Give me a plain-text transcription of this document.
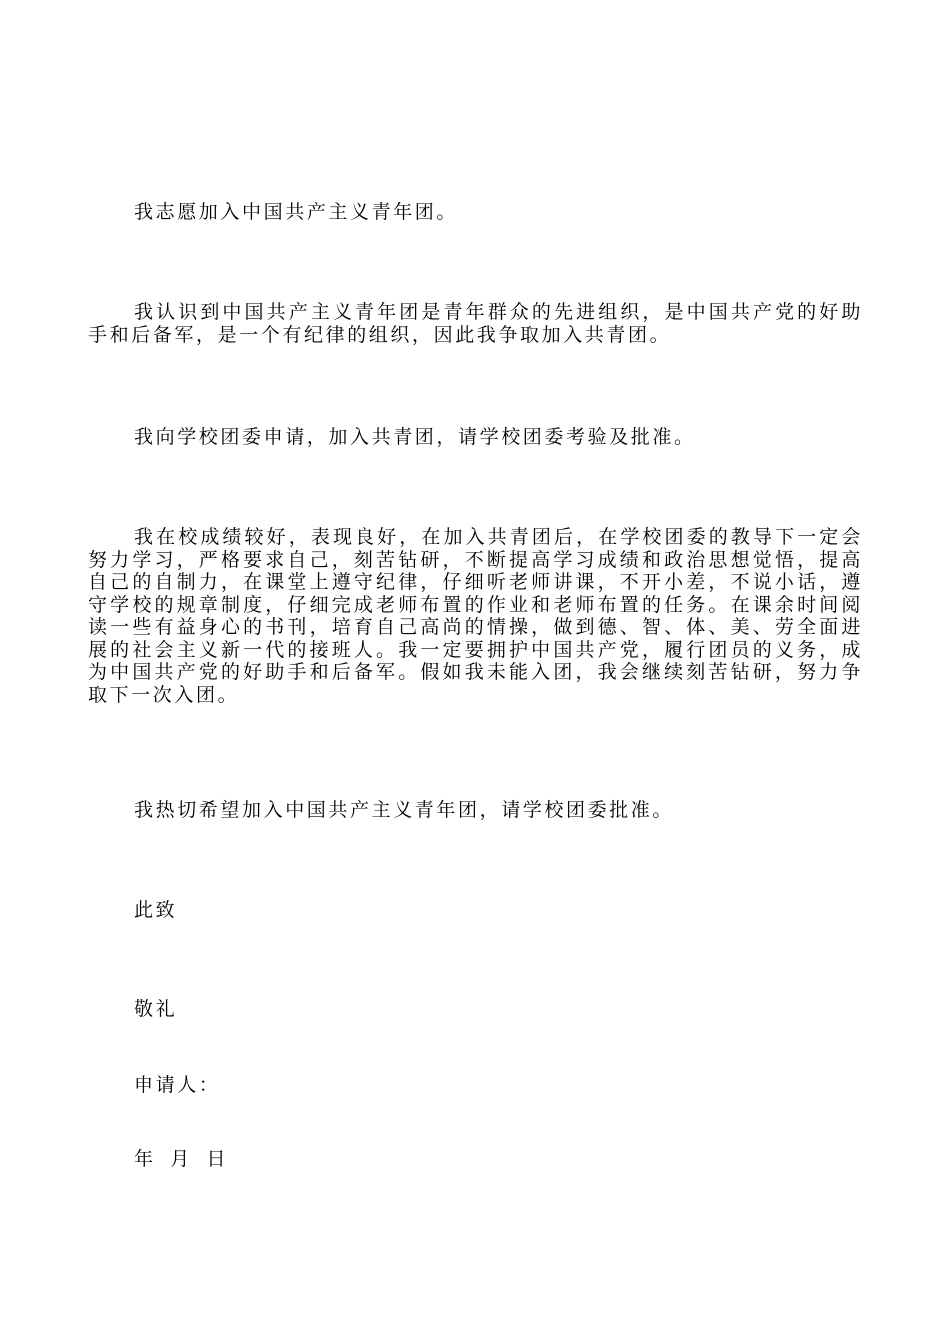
我志愿加入中国共产主义青年团。

我认识到中国共产主义青年团是青年群众的先进组织，是中国共产党的好助手和后备军，是一个有纪律的组织，因此我争取加入共青团。

我向学校团委申请，加入共青团，请学校团委考验及批准。

我在校成绩较好，表现良好，在加入共青团后，在学校团委的教导下一定会努力学习，严格要求自己，刻苦钻研，不断提高学习成绩和政治思想觉悟，提高自己的自制力，在课堂上遵守纪律，仔细听老师讲课，不开小差，不说小话，遵守学校的规章制度，仔细完成老师布置的作业和老师布置的任务。在课余时间阅读一些有益身心的书刊，培育自己高尚的情操，做到德、智、体、美、劳全面进展的社会主义新一代的接班人。我一定要拥护中国共产党，履行团员的义务，成为中国共产党的好助手和后备军。假如我未能入团，我会继续刻苦钻研，努力争取下一次入团。

我热切希望加入中国共产主义青年团，请学校团委批准。

此致

敬礼

申请人：

年 月 日
